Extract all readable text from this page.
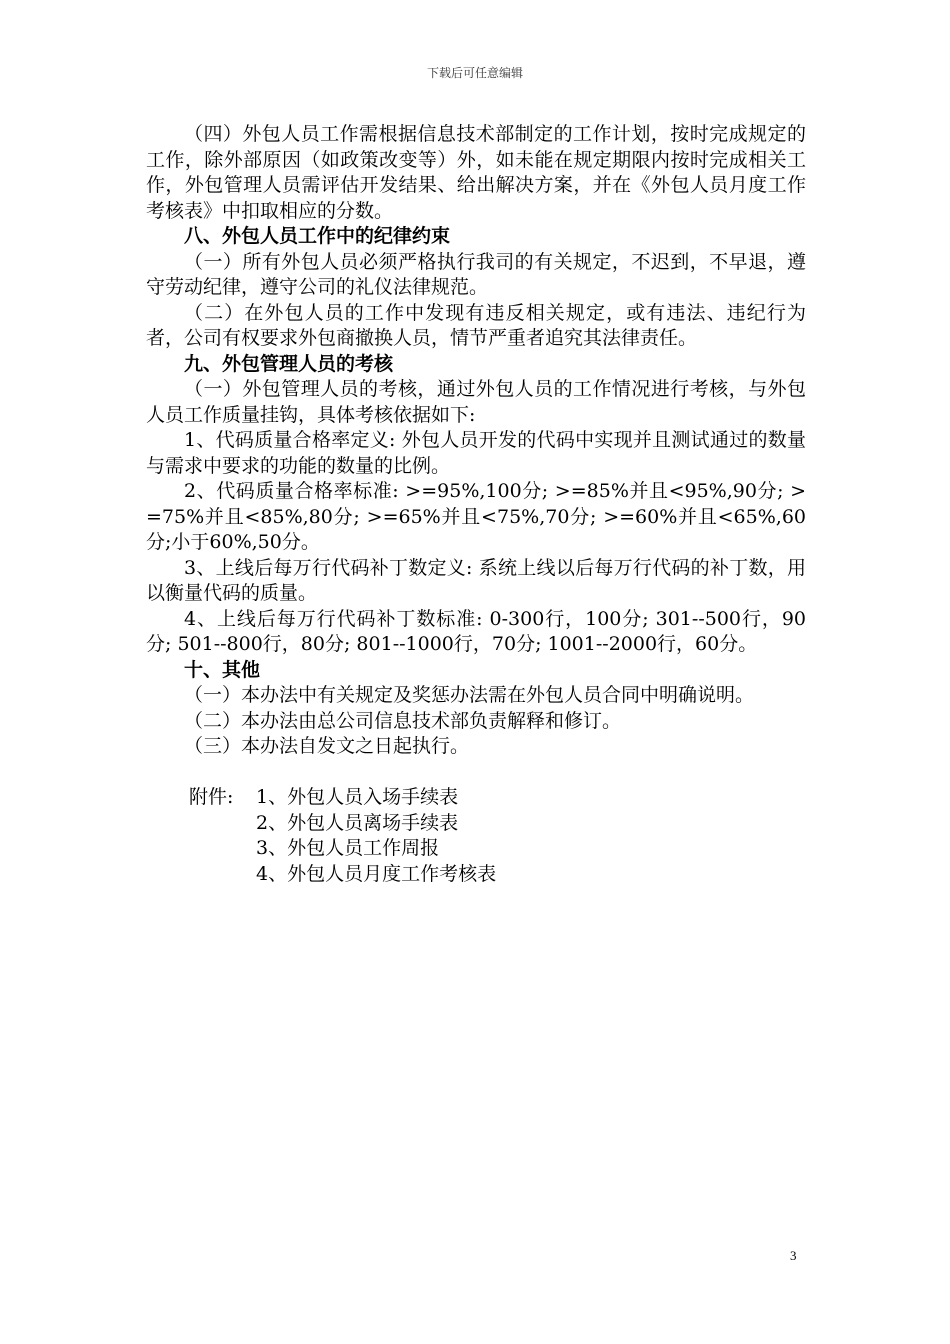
下载后可任意编辑

（四）外包人员工作需根据信息技术部制定的工作计划，按时完成规定的工作，除外部原因（如政策改变等）外，如未能在规定期限内按时完成相关工作，外包管理人员需评估开发结果、给出解决方案，并在《外包人员月度工作考核表》中扣取相应的分数。

八、外包人员工作中的纪律约束

（一）所有外包人员必须严格执行我司的有关规定，不迟到，不早退，遵守劳动纪律，遵守公司的礼仪法律规范。

（二）在外包人员的工作中发现有违反相关规定，或有违法、违纪行为者，公司有权要求外包商撤换人员，情节严重者追究其法律责任。

九、外包管理人员的考核

（一）外包管理人员的考核，通过外包人员的工作情况进行考核，与外包人员工作质量挂钩，具体考核依据如下:

1、代码质量合格率定义: 外包人员开发的代码中实现并且测试通过的数量与需求中要求的功能的数量的比例。

2、代码质量合格率标准: >=95%,100分; >=85%并且<95%,90分; >=75%并且<85%,80分; >=65%并且<75%,70分; >=60%并且<65%,60分;小于60%,50分。

3、上线后每万行代码补丁数定义: 系统上线以后每万行代码的补丁数，用以衡量代码的质量。

4、上线后每万行代码补丁数标准: 0-300行，100分; 301--500行，90分; 501--800行，80分; 801--1000行，70分; 1001--2000行，60分。

十、其他

（一）本办法中有关规定及奖惩办法需在外包人员合同中明确说明。

（二）本办法由总公司信息技术部负责解释和修订。

（三）本办法自发文之日起执行。

附件: 1、外包人员入场手续表

2、外包人员离场手续表

3、外包人员工作周报

4、外包人员月度工作考核表

3
